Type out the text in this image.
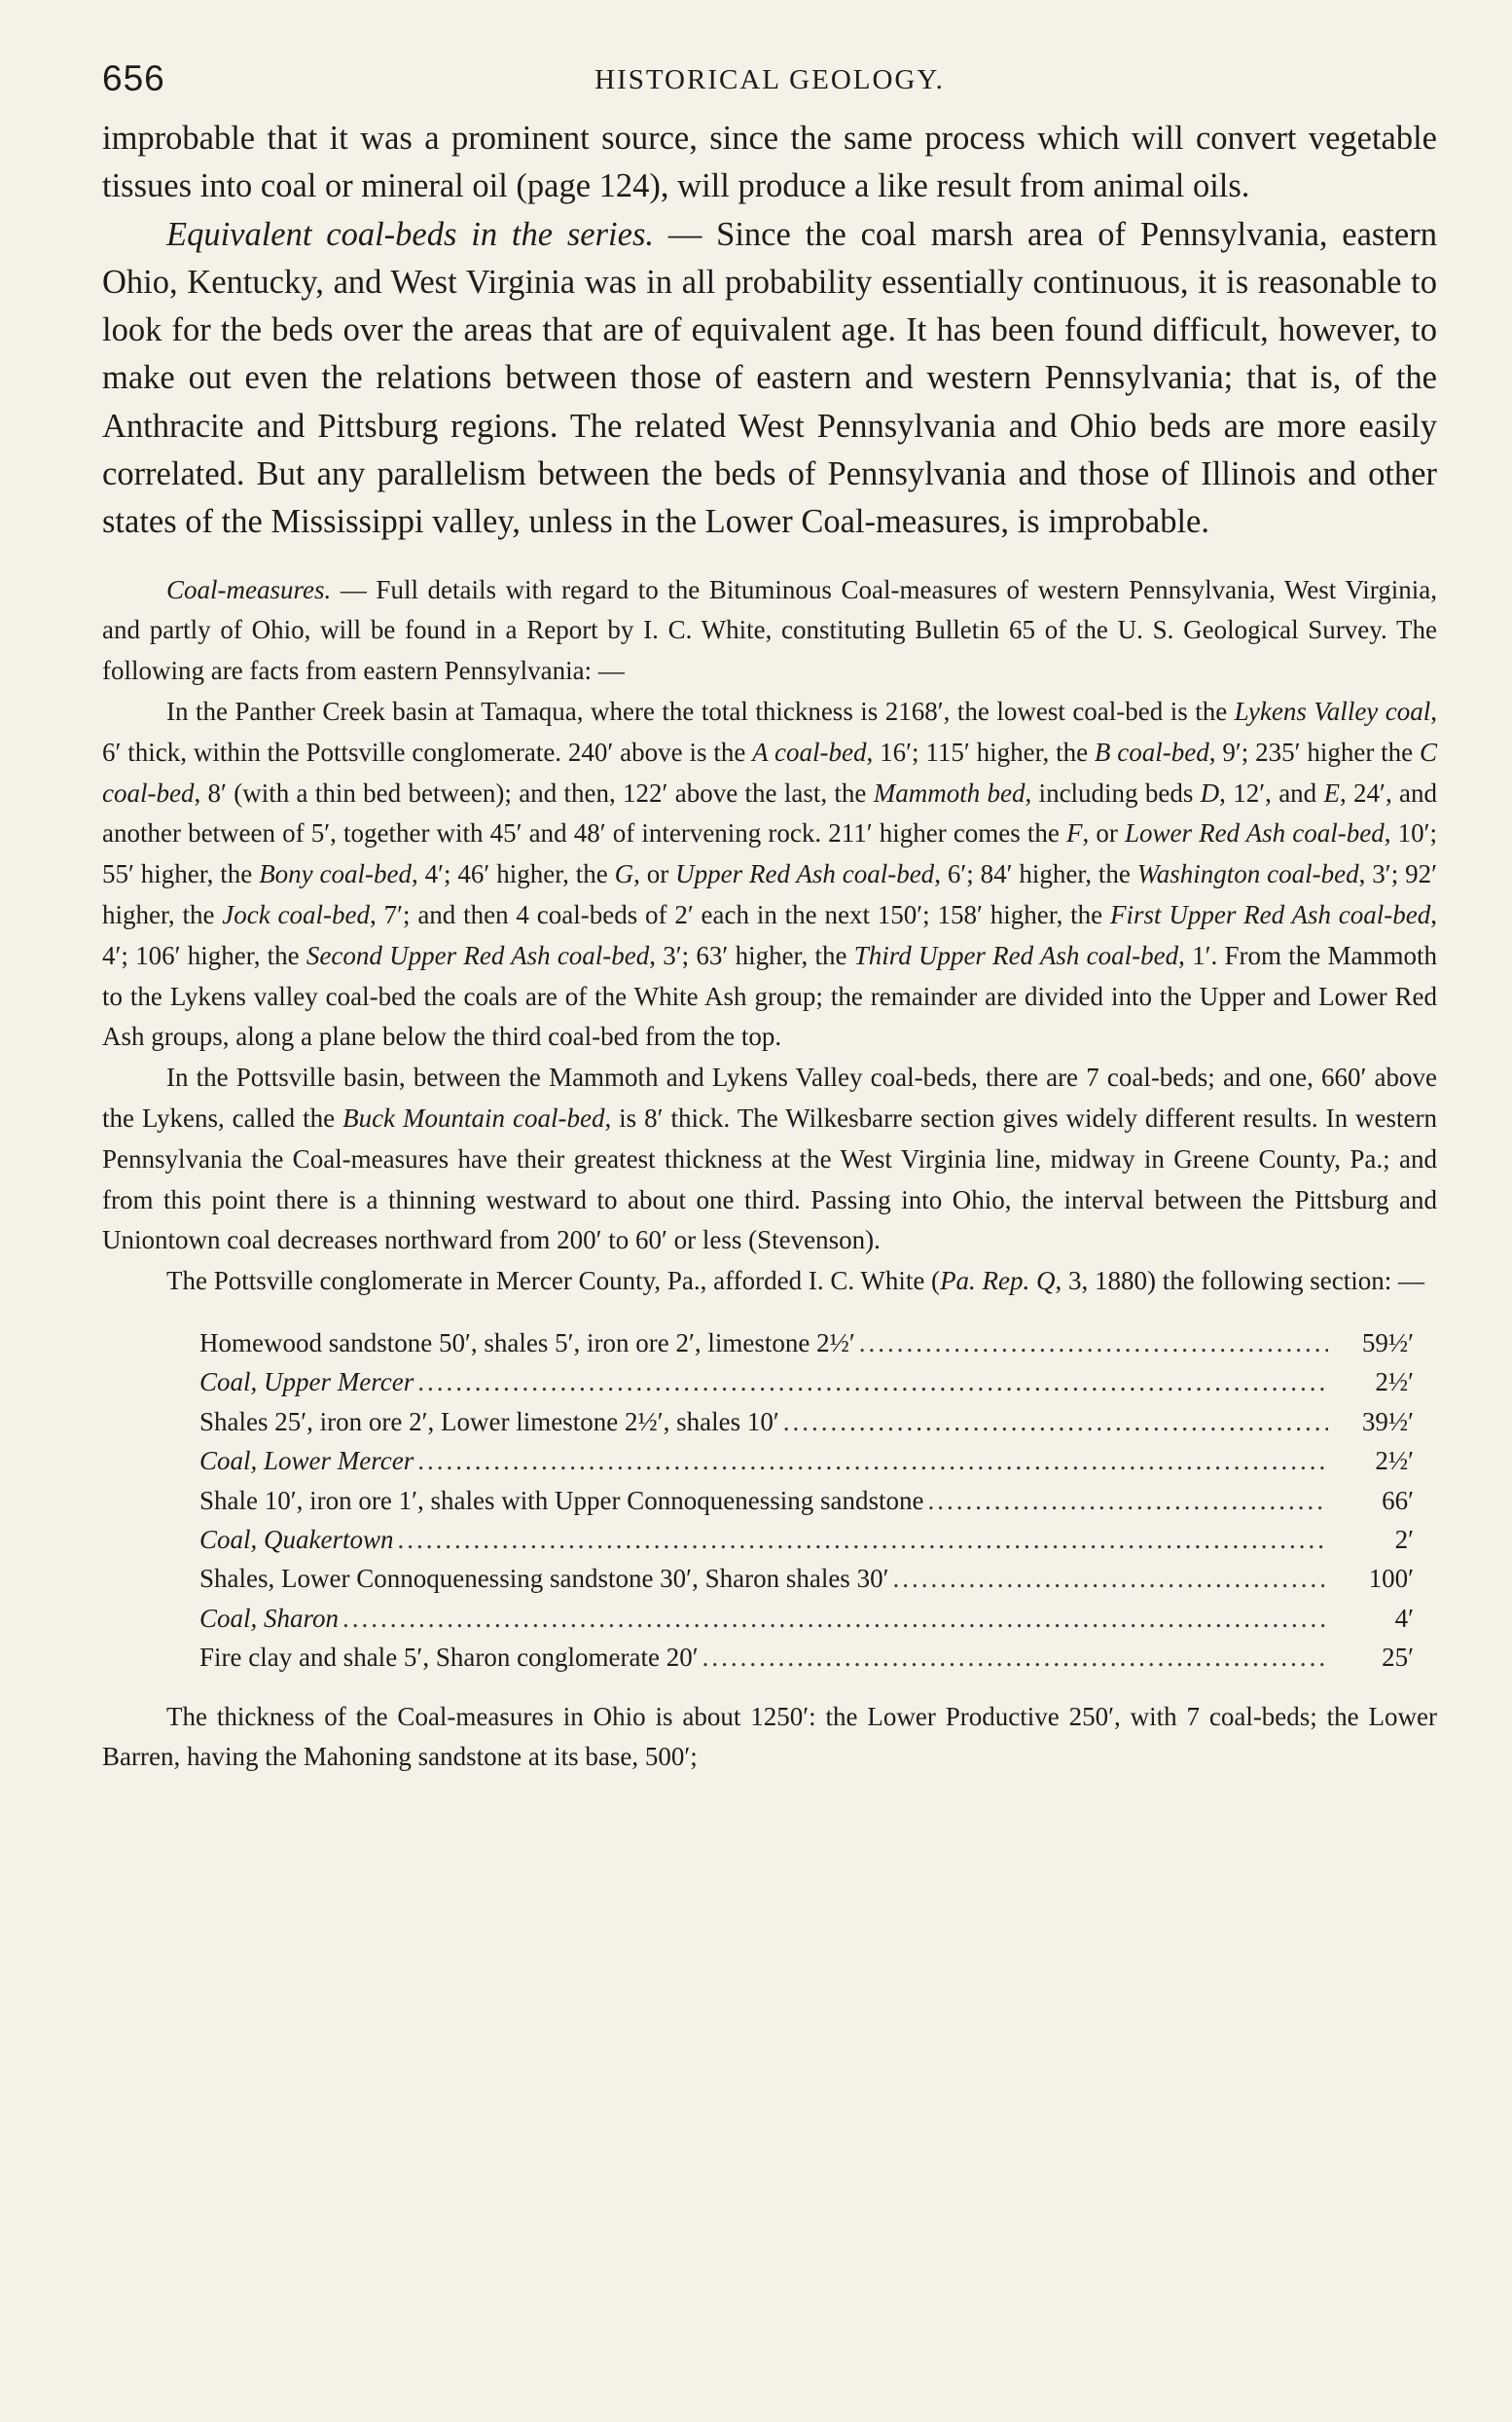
656	HISTORICAL GEOLOGY.

improbable that it was a prominent source, since the same process which will convert vegetable tissues into coal or mineral oil (page 124), will produce a like result from animal oils.

Equivalent coal-beds in the series. — Since the coal marsh area of Pennsylvania, eastern Ohio, Kentucky, and West Virginia was in all probability essentially continuous, it is reasonable to look for the beds over the areas that are of equivalent age. It has been found difficult, however, to make out even the relations between those of eastern and western Pennsylvania; that is, of the Anthracite and Pittsburg regions. The related West Pennsylvania and Ohio beds are more easily correlated. But any parallelism between the beds of Pennsylvania and those of Illinois and other states of the Mississippi valley, unless in the Lower Coal-measures, is improbable.

Coal-measures. — Full details with regard to the Bituminous Coal-measures of western Pennsylvania, West Virginia, and partly of Ohio, will be found in a Report by I. C. White, constituting Bulletin 65 of the U. S. Geological Survey. The following are facts from eastern Pennsylvania: —

In the Panther Creek basin at Tamaqua, where the total thickness is 2168′, the lowest coal-bed is the Lykens Valley coal, 6′ thick, within the Pottsville conglomerate. 240′ above is the A coal-bed, 16′; 115′ higher, the B coal-bed, 9′; 235′ higher the C coal-bed, 8′ (with a thin bed between); and then, 122′ above the last, the Mammoth bed, including beds D, 12′, and E, 24′, and another between of 5′, together with 45′ and 48′ of intervening rock. 211′ higher comes the F, or Lower Red Ash coal-bed, 10′; 55′ higher, the Bony coal-bed, 4′; 46′ higher, the G, or Upper Red Ash coal-bed, 6′; 84′ higher, the Washington coal-bed, 3′; 92′ higher, the Jock coal-bed, 7′; and then 4 coal-beds of 2′ each in the next 150′; 158′ higher, the First Upper Red Ash coal-bed, 4′; 106′ higher, the Second Upper Red Ash coal-bed, 3′; 63′ higher, the Third Upper Red Ash coal-bed, 1′. From the Mammoth to the Lykens valley coal-bed the coals are of the White Ash group; the remainder are divided into the Upper and Lower Red Ash groups, along a plane below the third coal-bed from the top.

In the Pottsville basin, between the Mammoth and Lykens Valley coal-beds, there are 7 coal-beds; and one, 660′ above the Lykens, called the Buck Mountain coal-bed, is 8′ thick. The Wilkesbarre section gives widely different results. In western Pennsylvania the Coal-measures have their greatest thickness at the West Virginia line, midway in Greene County, Pa.; and from this point there is a thinning westward to about one third. Passing into Ohio, the interval between the Pittsburg and Uniontown coal decreases northward from 200′ to 60′ or less (Stevenson).

The Pottsville conglomerate in Mercer County, Pa., afforded I. C. White (Pa. Rep. Q, 3, 1880) the following section: —

Homewood sandstone 50′, shales 5′, iron ore 2′, limestone 2½′ .....	59½′
Coal, Upper Mercer .....	2½′
Shales 25′, iron ore 2′, Lower limestone 2½′, shales 10′ .....	39½′
Coal, Lower Mercer .....	2½′
Shale 10′, iron ore 1′, shales with Upper Connoquenessing sandstone .....	66′
Coal, Quakertown .....	2′
Shales, Lower Connoquenessing sandstone 30′, Sharon shales 30′ .....	100′
Coal, Sharon .....	4′
Fire clay and shale 5′, Sharon conglomerate 20′ .....	25′

The thickness of the Coal-measures in Ohio is about 1250′: the Lower Productive 250′, with 7 coal-beds; the Lower Barren, having the Mahoning sandstone at its base, 500′;
